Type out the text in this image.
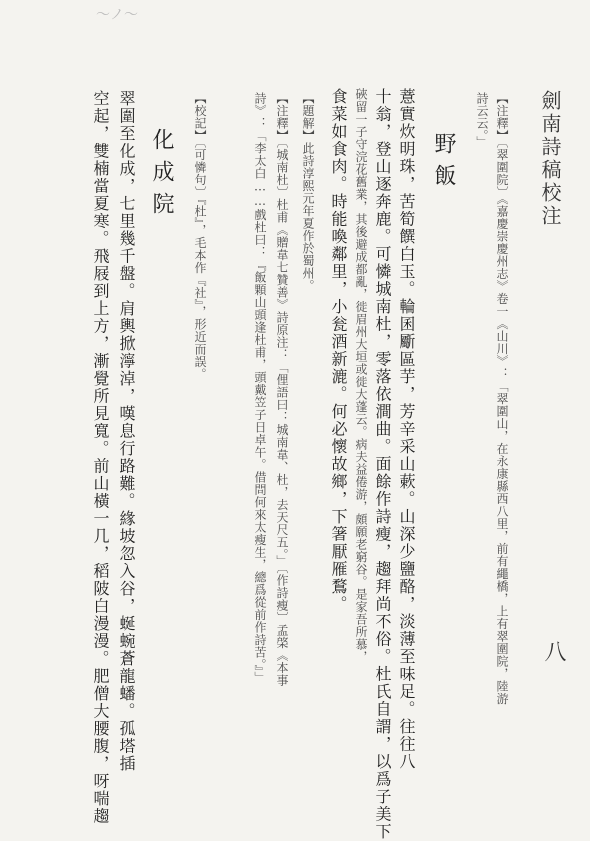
〜ノ〜
劍南詩稿校注
八
【注釋】〔翠圍院〕《嘉慶崇慶州志》卷一《山川》：「翠圍山，在永康縣西八里，前有繩橋，上有翠圍院，陸游
詩云云。」
野飯
薏實炊明珠，苦筍饌白玉。輪囷斸區芋，芳辛采山蔌。山深少鹽酪，淡薄至味足。往往八
十翁，登山逐奔鹿。可憐城南杜，零落依澗曲。面餘作詩瘦，趨拜尚不俗。杜氏自謂，以爲子美下
硤留一子守浣花舊業，其後避成都亂，徙眉州大垣或徙大蓬云。病夫益倦游，頗願老窮谷。是家吾所慕，
食菜如食肉。時能喚鄰里，小瓮酒新漉。何必懷故鄉，下箸厭雁鶩。
【題解】此詩淳熙元年夏作於蜀州。
【注釋】〔城南杜〕杜甫《贈韋七贊善》詩原注：「俚語曰：城南韋、杜，去天尺五。」〔作詩瘦〕孟棨《本事
詩》：「李太白……戲杜曰：『飯顆山頭逢杜甫，頭戴笠子日卓午。借問何來太瘦生，總爲從前作詩苦。』」
【校記】〔可憐句〕『杜』，毛本作『社』，形近而誤。
化成院
翠圍至化成，七里幾千盤。肩輿掀濘淖，嘆息行路難。緣坡忽入谷，蜒蜿蒼龍蟠。孤塔插
空起，雙楠當夏寒。飛屐到上方，漸覺所見寬。前山橫一几，稻陂白漫漫。肥僧大腰腹，呀喘趨
